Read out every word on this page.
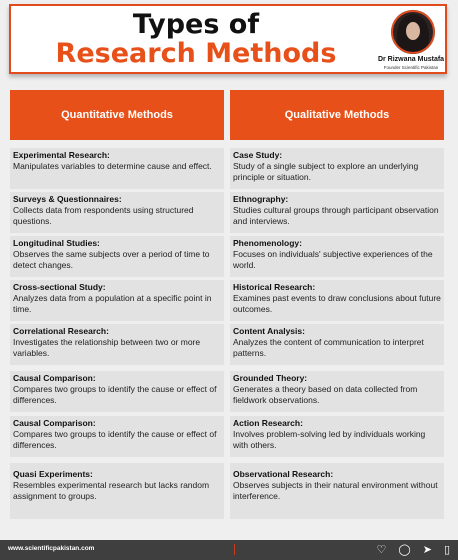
Types of
Research Methods	Dr Rizwana Mustafa
Founder Scientific Pakistan
Quantitative Methods
Experimental Research:
Manipulates variables to determine cause and effect.
Surveys & Questionnaires:
Collects data from respondents using structured questions.
Longitudinal Studies:
Observes the same subjects over a period of time to detect changes.
Cross-sectional Study:
Analyzes data from a population at a specific point in time.
Correlational Research:
Investigates the relationship between two or more variables.
Causal Comparison:
Compares two groups to identify the cause or effect of differences.
Causal Comparison:
Compares two groups to identify the cause or effect of differences.
Quasi Experiments:
Resembles experimental research but lacks random assignment to groups.
Qualitative Methods
Case Study:
Study of a single subject to explore an underlying principle or situation.
Ethnography:
Studies cultural groups through participant observation and interviews.
Phenomenology:
Focuses on individuals' subjective experiences of the world.
Historical Research:
Examines past events to draw conclusions about future outcomes.
Content Analysis:
Analyzes the content of communication to interpret patterns.
Grounded Theory:
Generates a theory based on data collected from fieldwork observations.
Action Research:
Involves problem-solving led by individuals working with others.
Observational Research:
Observes subjects in their natural environment without interference.
www.scientificpakistan.com	♡ ◯ ➤ ▯
